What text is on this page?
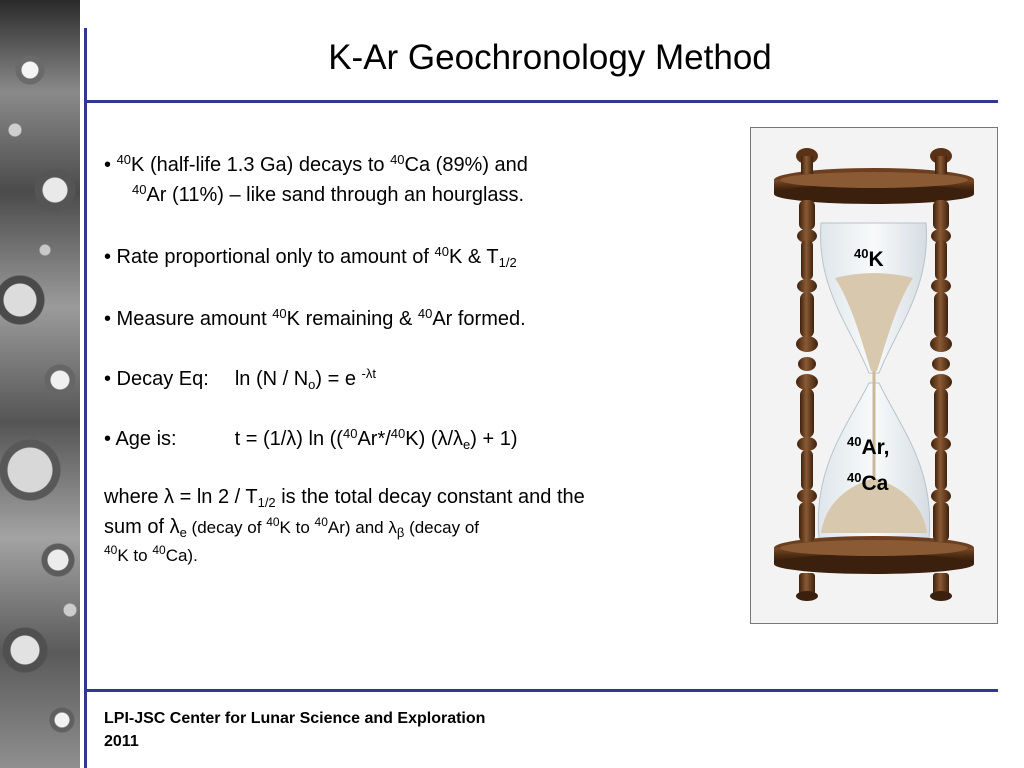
K-Ar Geochronology Method

• $^{40}$K (half-life 1.3 Ga) decays to $^{40}$Ca (89%) and

$^{40}$Ar (11%) – like sand through an hourglass.

• Rate proportional only to amount of $^{40}$K & $T_{1/2}$

• Measure amount $^{40}$K remaining & $^{40}$Ar formed.

• Decay Eq: $\ln (N / N_o) = e$ $^{-\lambda t}$

• Age is:	t = (1/λ) ln (($^{40}$Ar*/$^{40}$K) $(\lambda/\lambda_e) + 1$)

where $\lambda = \ln 2 / T_{1/2}$ is the total decay constant and the

sum of $\lambda_e$ (decay of $^{40}$K to $^{40}$Ar) and $\lambda_\beta$ (decay of

$^{40}$K to $^{40}$Ca).

$^{40}$K
$^{40}$Ar,
$^{40}$Ca
LPI-JSC Center for Lunar Science and Exploration
2011
